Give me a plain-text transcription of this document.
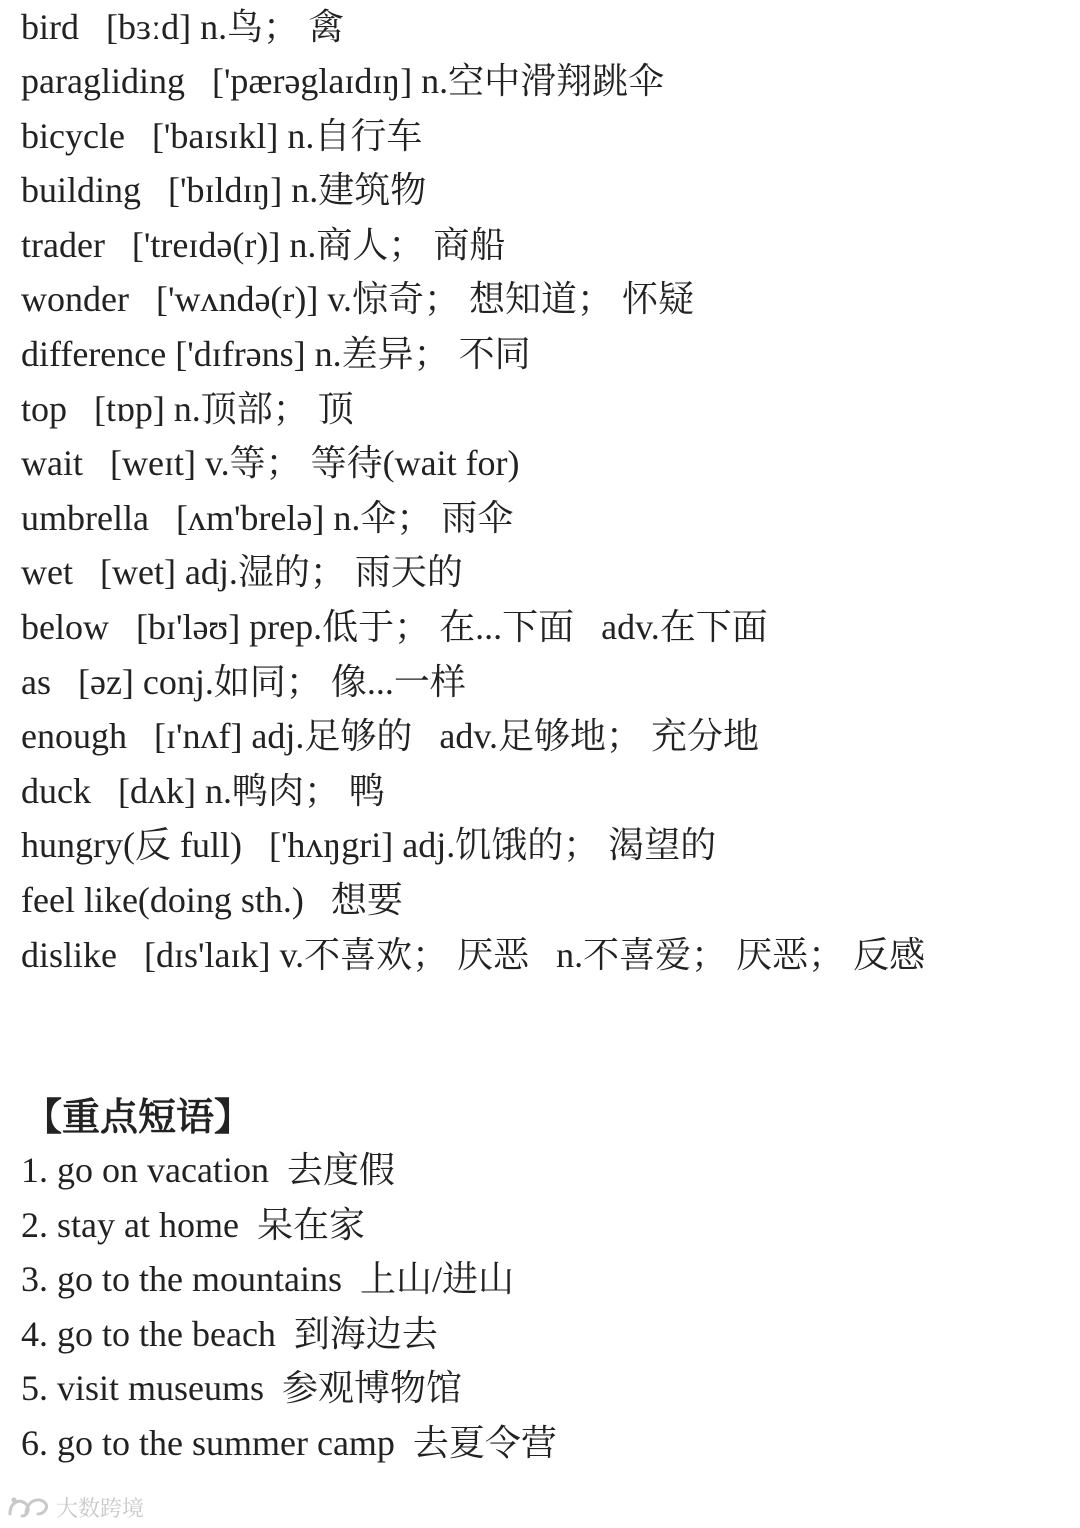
bird   [bɜːd] n.鸟； 禽
paragliding   ['pærəglaɪdɪŋ] n.空中滑翔跳伞
bicycle   ['baɪsɪkl] n.自行车
building   ['bɪldɪŋ] n.建筑物
trader   ['treɪdə(r)] n.商人； 商船
wonder   ['wʌndə(r)] v.惊奇； 想知道； 怀疑
difference ['dɪfrəns] n.差异； 不同
top   [tɒp] n.顶部； 顶
wait   [weɪt] v.等； 等待(wait for)
umbrella   [ʌm'brelə] n.伞； 雨伞
wet   [wet] adj.湿的； 雨天的
below   [bɪ'ləʊ] prep.低于； 在...下面   adv.在下面
as   [əz] conj.如同； 像...一样
enough   [ɪ'nʌf] adj.足够的   adv.足够地； 充分地
duck   [dʌk] n.鸭肉； 鸭
hungry(反 full)   ['hʌŋgri] adj.饥饿的； 渴望的
feel like(doing sth.)   想要
dislike   [dɪs'laɪk] v.不喜欢； 厌恶   n.不喜爱； 厌恶； 反感
【重点短语】
1. go on vacation  去度假
2. stay at home  呆在家
3. go to the mountains  上山/进山
4. go to the beach  到海边去
5. visit museums  参观博物馆
6. go to the summer camp  去夏令营
大数跨境
